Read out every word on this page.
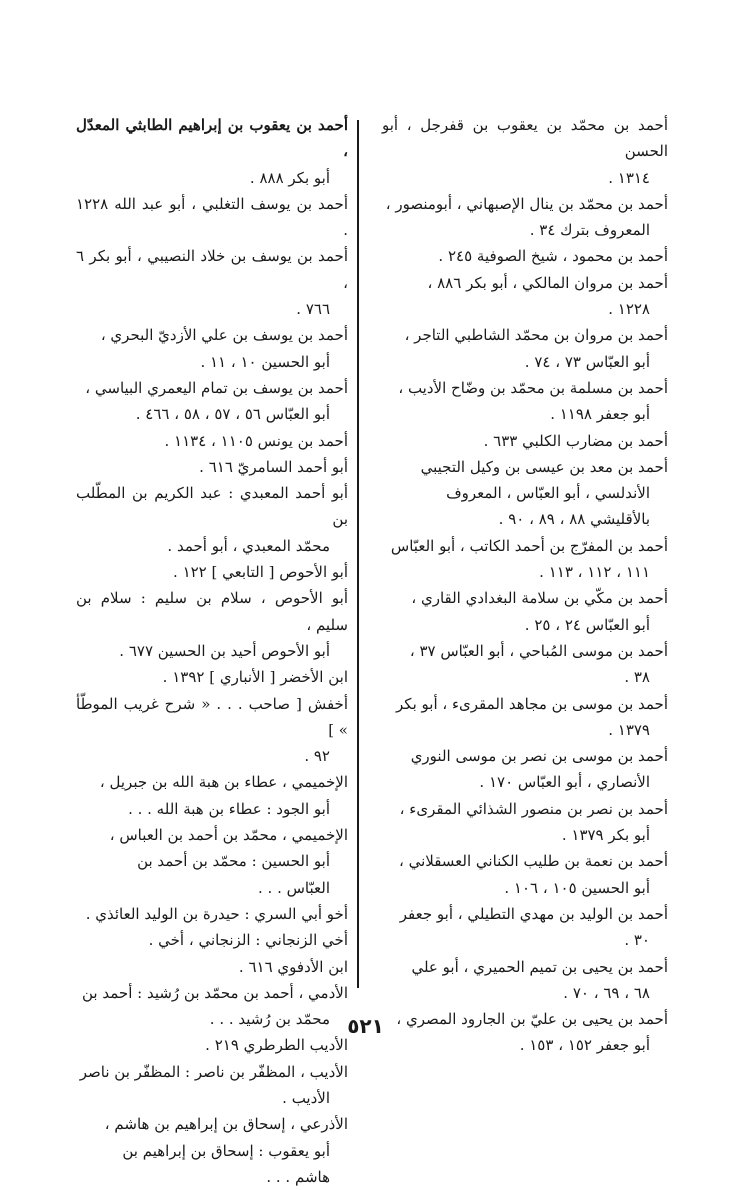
أحمد بن محمّد بن يعقوب بن قفرجل ، أبو الحسن
١٣١٤ .
أحمد بن محمّد بن ينال الإصبهاني ، أبومنصور ،
المعروف بترك ٣٤ .
أحمد بن محمود ، شيخ الصوفية ٢٤٥ .
أحمد بن مروان المالكي ، أبو بكر ٨٨٦ ،
١٢٢٨ .
أحمد بن مروان بن محمّد الشاطبي التاجر ،
أبو العبّاس ٧٣ ، ٧٤ .
أحمد بن مسلمة بن محمّد بن وضّاح الأديب ،
أبو جعفر ١١٩٨ .
أحمد بن مضارب الكلبي ٦٣٣ .
أحمد بن معد بن عيسى بن وكيل التجيبي
الأندلسي ، أبو العبّاس ، المعروف
بالأقليشي ٨٨ ، ٨٩ ، ٩٠ .
أحمد بن المفرّج بن أحمد الكاتب ، أبو العبّاس
١١١ ، ١١٢ ، ١١٣ .
أحمد بن مكّي بن سلامة البغدادي القاري ،
أبو العبّاس ٢٤ ، ٢٥ .
أحمد بن موسى المُباحي ، أبو العبّاس ٣٧ ،
٣٨ .
أحمد بن موسى بن مجاهد المقرىء ، أبو بكر
١٣٧٩ .
أحمد بن موسى بن نصر بن موسى النوري
الأنصاري ، أبو العبّاس ١٧٠ .
أحمد بن نصر بن منصور الشذائي المقرىء ،
أبو بكر ١٣٧٩ .
أحمد بن نعمة بن طليب الكناني العسقلاني ،
أبو الحسين ١٠٥ ، ١٠٦ .
أحمد بن الوليد بن مهدي التطيلي ، أبو جعفر
٣٠ .
أحمد بن يحيى بن تميم الحميري ، أبو علي
٦٨ ، ٦٩ ، ٧٠ .
أحمد بن يحيى بن عليّ بن الجارود المصري ،
أبو جعفر ١٥٢ ، ١٥٣ .
أحمد بن يعقوب بن إبراهيم الطابثي المعدّل ،
أبو بكر ٨٨٨ .
أحمد بن يوسف التغلبي ، أبو عبد الله ١٢٢٨ .
أحمد بن يوسف بن خلاد النصيبي ، أبو بكر ٦ ،
٧٦٦ .
أحمد بن يوسف بن علي الأزديّ البحري ،
أبو الحسين ١٠ ، ١١ .
أحمد بن يوسف بن تمام اليعمري البياسي ،
أبو العبّاس ٥٦ ، ٥٧ ، ٥٨ ، ٤٦٦ .
أحمد بن يونس ١١٠٥ ، ١١٣٤ .
أبو أحمد السامريّ ٦١٦ .
أبو أحمد المعبدي : عبد الكريم بن المطّلب بن
محمّد المعبدي ، أبو أحمد .
أبو الأحوص [ التابعي ] ١٢٢ .
أبو الأحوص ، سلام بن سليم : سلام بن سليم ،
أبو الأحوص أحيد بن الحسين ٦٧٧ .
ابن الأخضر [ الأنباري ] ١٣٩٢ .
أخفش [ صاحب . . . « شرح غريب الموطّأ » ]
٩٢ .
الإخميمي ، عطاء بن هبة الله بن جبريل ،
أبو الجود : عطاء بن هبة الله . . .
الإخميمي ، محمّد بن أحمد بن العباس ،
أبو الحسين : محمّد بن أحمد بن
العبّاس . . .
أخو أبي السري : حيدرة بن الوليد العائذي .
أخي الزنجاني : الزنجاني ، أخي .
ابن الأدفوي ٦١٦ .
الأدمي ، أحمد بن محمّد بن رُشيد : أحمد بن
محمّد بن رُشيد . . .
الأديب الطرطري ٢١٩ .
الأديب ، المظفّر بن ناصر : المظفّر بن ناصر
الأديب .
الأذرعي ، إسحاق بن إبراهيم بن هاشم ،
أبو يعقوب : إسحاق بن إبراهيم بن
هاشم . . .
٥٢١
